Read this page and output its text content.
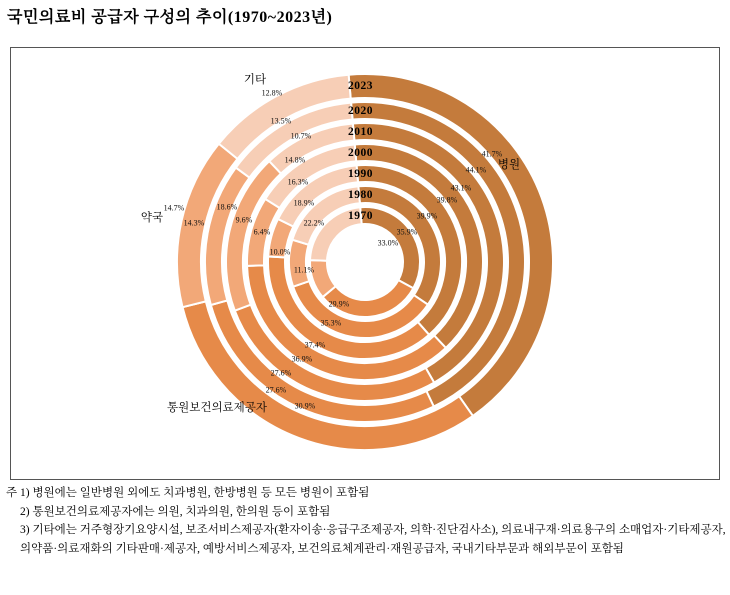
국민의료비 공급자 구성의 추이(1970~2023년)
2023
2020
2010
2000
1990
1980
1970
41.7%
44.1%
43.1%
39.8%
39.9%
35.9%
33.0%
병원
30.9%
27.6%
27.6%
36.9%
37.4%
35.3%
29.9%
통원보건의료제공자
14.7%
14.3%
18.6%
9.6%
6.4%
10.0%
11.1%
약국
12.8%
13.5%
10.7%
14.8%
16.3%
18.9%
22.2%
기타
주 1) 병원에는 일반병원 외에도 치과병원, 한방병원 등 모든 병원이 포함됨
2) 통원보건의료제공자에는 의원, 치과의원, 한의원 등이 포함됨
3) 기타에는 거주형장기요양시설, 보조서비스제공자(환자이송·응급구조제공자, 의학·진단검사소), 의료내구재·의료용구의 소매업자·기타제공자, 의약품·의료재화의 기타판매·제공자, 예방서비스제공자, 보건의료체계관리·재원공급자, 국내기타부문과 해외부문이 포함됨
